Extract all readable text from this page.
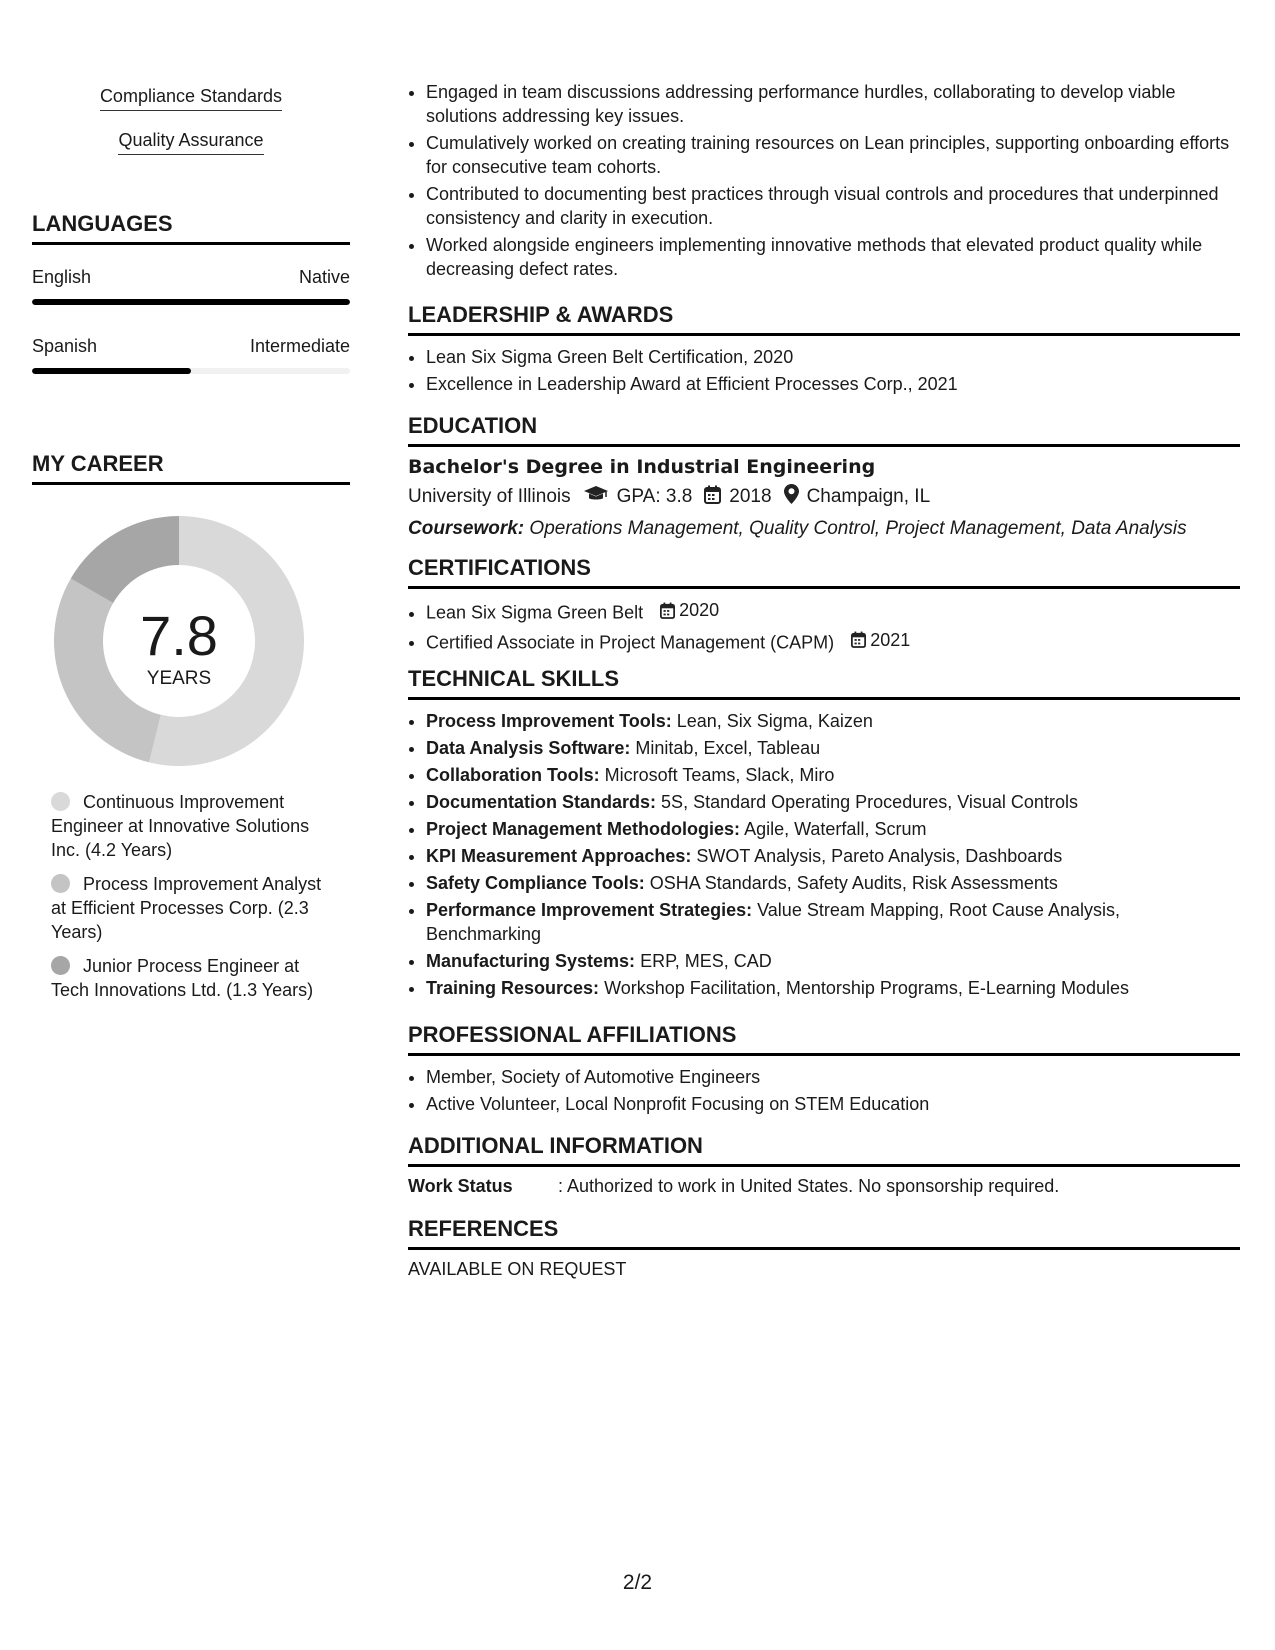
Compliance Standards
Quality Assurance
LANGUAGES
English	Native
Spanish	Intermediate
MY CAREER
7.8
YEARS
Continuous Improvement Engineer at Innovative Solutions Inc. (4.2 Years)
Process Improvement Analyst at Efficient Processes Corp. (2.3 Years)
Junior Process Engineer at Tech Innovations Ltd. (1.3 Years)
• Engaged in team discussions addressing performance hurdles, collaborating to develop viable solutions addressing key issues.
• Cumulatively worked on creating training resources on Lean principles, supporting onboarding efforts for consecutive team cohorts.
• Contributed to documenting best practices through visual controls and procedures that underpinned consistency and clarity in execution.
• Worked alongside engineers implementing innovative methods that elevated product quality while decreasing defect rates.
LEADERSHIP & AWARDS
• Lean Six Sigma Green Belt Certification, 2020
• Excellence in Leadership Award at Efficient Processes Corp., 2021
EDUCATION
Bachelor's Degree in Industrial Engineering
University of Illinois GPA: 3.8 2018 Champaign, IL
Coursework: Operations Management, Quality Control, Project Management, Data Analysis
CERTIFICATIONS
• Lean Six Sigma Green Belt 2020
• Certified Associate in Project Management (CAPM) 2021
TECHNICAL SKILLS
• Process Improvement Tools: Lean, Six Sigma, Kaizen
• Data Analysis Software: Minitab, Excel, Tableau
• Collaboration Tools: Microsoft Teams, Slack, Miro
• Documentation Standards: 5S, Standard Operating Procedures, Visual Controls
• Project Management Methodologies: Agile, Waterfall, Scrum
• KPI Measurement Approaches: SWOT Analysis, Pareto Analysis, Dashboards
• Safety Compliance Tools: OSHA Standards, Safety Audits, Risk Assessments
• Performance Improvement Strategies: Value Stream Mapping, Root Cause Analysis, Benchmarking
• Manufacturing Systems: ERP, MES, CAD
• Training Resources: Workshop Facilitation, Mentorship Programs, E-Learning Modules
PROFESSIONAL AFFILIATIONS
• Member, Society of Automotive Engineers
• Active Volunteer, Local Nonprofit Focusing on STEM Education
ADDITIONAL INFORMATION
Work Status	: Authorized to work in United States. No sponsorship required.
REFERENCES
AVAILABLE ON REQUEST
2/2
